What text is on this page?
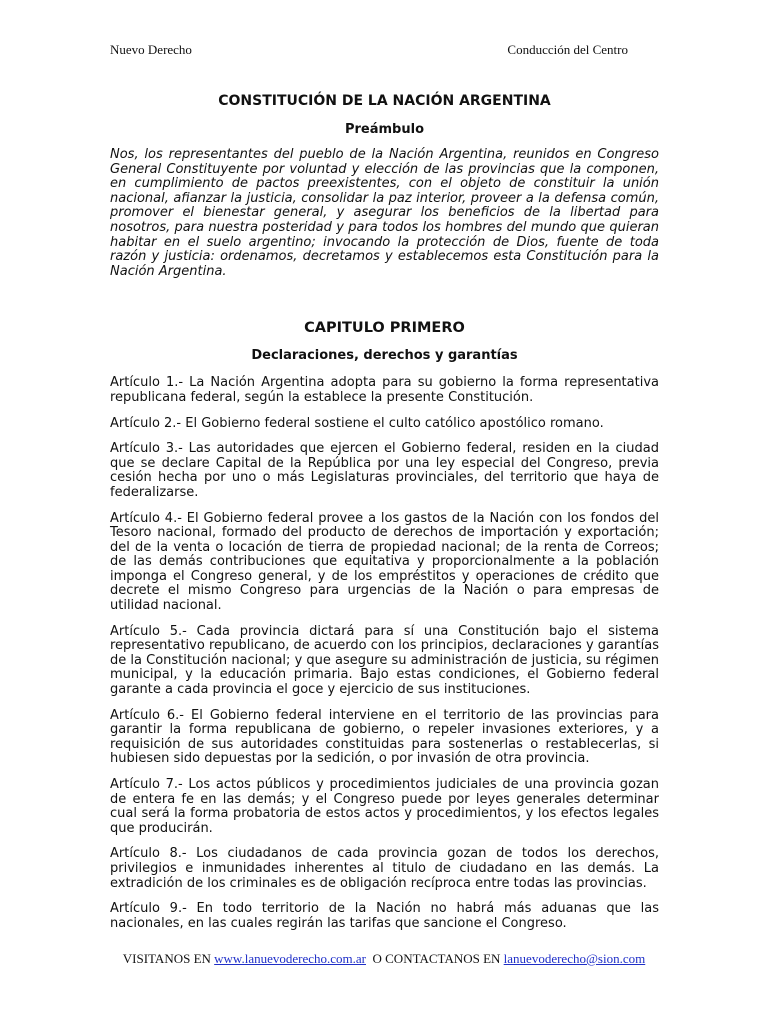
Nuevo Derecho	Conducción del Centro
CONSTITUCIÓN DE LA NACIÓN ARGENTINA
Preámbulo

Nos, los representantes del pueblo de la Nación Argentina, reunidos en Congreso General Constituyente por voluntad y elección de las provincias que la componen, en cumplimiento de pactos preexistentes, con el objeto de constituir la unión nacional, afianzar la justicia, consolidar la paz interior, proveer a la defensa común, promover el bienestar general, y asegurar los beneficios de la libertad para nosotros, para nuestra posteridad y para todos los hombres del mundo que quieran habitar en el suelo argentino; invocando la protección de Dios, fuente de toda razón y justicia: ordenamos, decretamos y establecemos esta Constitución para la Nación Argentina.

CAPITULO PRIMERO
Declaraciones, derechos y garantías

Artículo 1.- La Nación Argentina adopta para su gobierno la forma representativa republicana federal, según la establece la presente Constitución.

Artículo 2.- El Gobierno federal sostiene el culto católico apostólico romano.

Artículo 3.- Las autoridades que ejercen el Gobierno federal, residen en la ciudad que se declare Capital de la República por una ley especial del Congreso, previa cesión hecha por uno o más Legislaturas provinciales, del territorio que haya de federalizarse.

Artículo 4.- El Gobierno federal provee a los gastos de la Nación con los fondos del Tesoro nacional, formado del producto de derechos de importación y exportación; del de la venta o locación de tierra de propiedad nacional; de la renta de Correos; de las demás contribuciones que equitativa y proporcionalmente a la población imponga el Congreso general, y de los empréstitos y operaciones de crédito que decrete el mismo Congreso para urgencias de la Nación o para empresas de utilidad nacional.

Artículo 5.- Cada provincia dictará para sí una Constitución bajo el sistema representativo republicano, de acuerdo con los principios, declaraciones y garantías de la Constitución nacional; y que asegure su administración de justicia, su régimen municipal, y la educación primaria. Bajo estas condiciones, el Gobierno federal garante a cada provincia el goce y ejercicio de sus instituciones.

Artículo 6.- El Gobierno federal interviene en el territorio de las provincias para garantir la forma republicana de gobierno, o repeler invasiones exteriores, y a requisición de sus autoridades constituidas para sostenerlas o restablecerlas, si hubiesen sido depuestas por la sedición, o por invasión de otra provincia.

Artículo 7.- Los actos públicos y procedimientos judiciales de una provincia gozan de entera fe en las demás; y el Congreso puede por leyes generales determinar cual será la forma probatoria de estos actos y procedimientos, y los efectos legales que producirán.

Artículo 8.- Los ciudadanos de cada provincia gozan de todos los derechos, privilegios e inmunidades inherentes al titulo de ciudadano en las demás. La extradición de los criminales es de obligación recíproca entre todas las provincias.

Artículo 9.- En todo territorio de la Nación no habrá más aduanas que las nacionales, en las cuales regirán las tarifas que sancione el Congreso.

VISITANOS EN www.lanuevoderecho.com.ar O CONTACTANOS EN lanuevoderecho@sion.com
